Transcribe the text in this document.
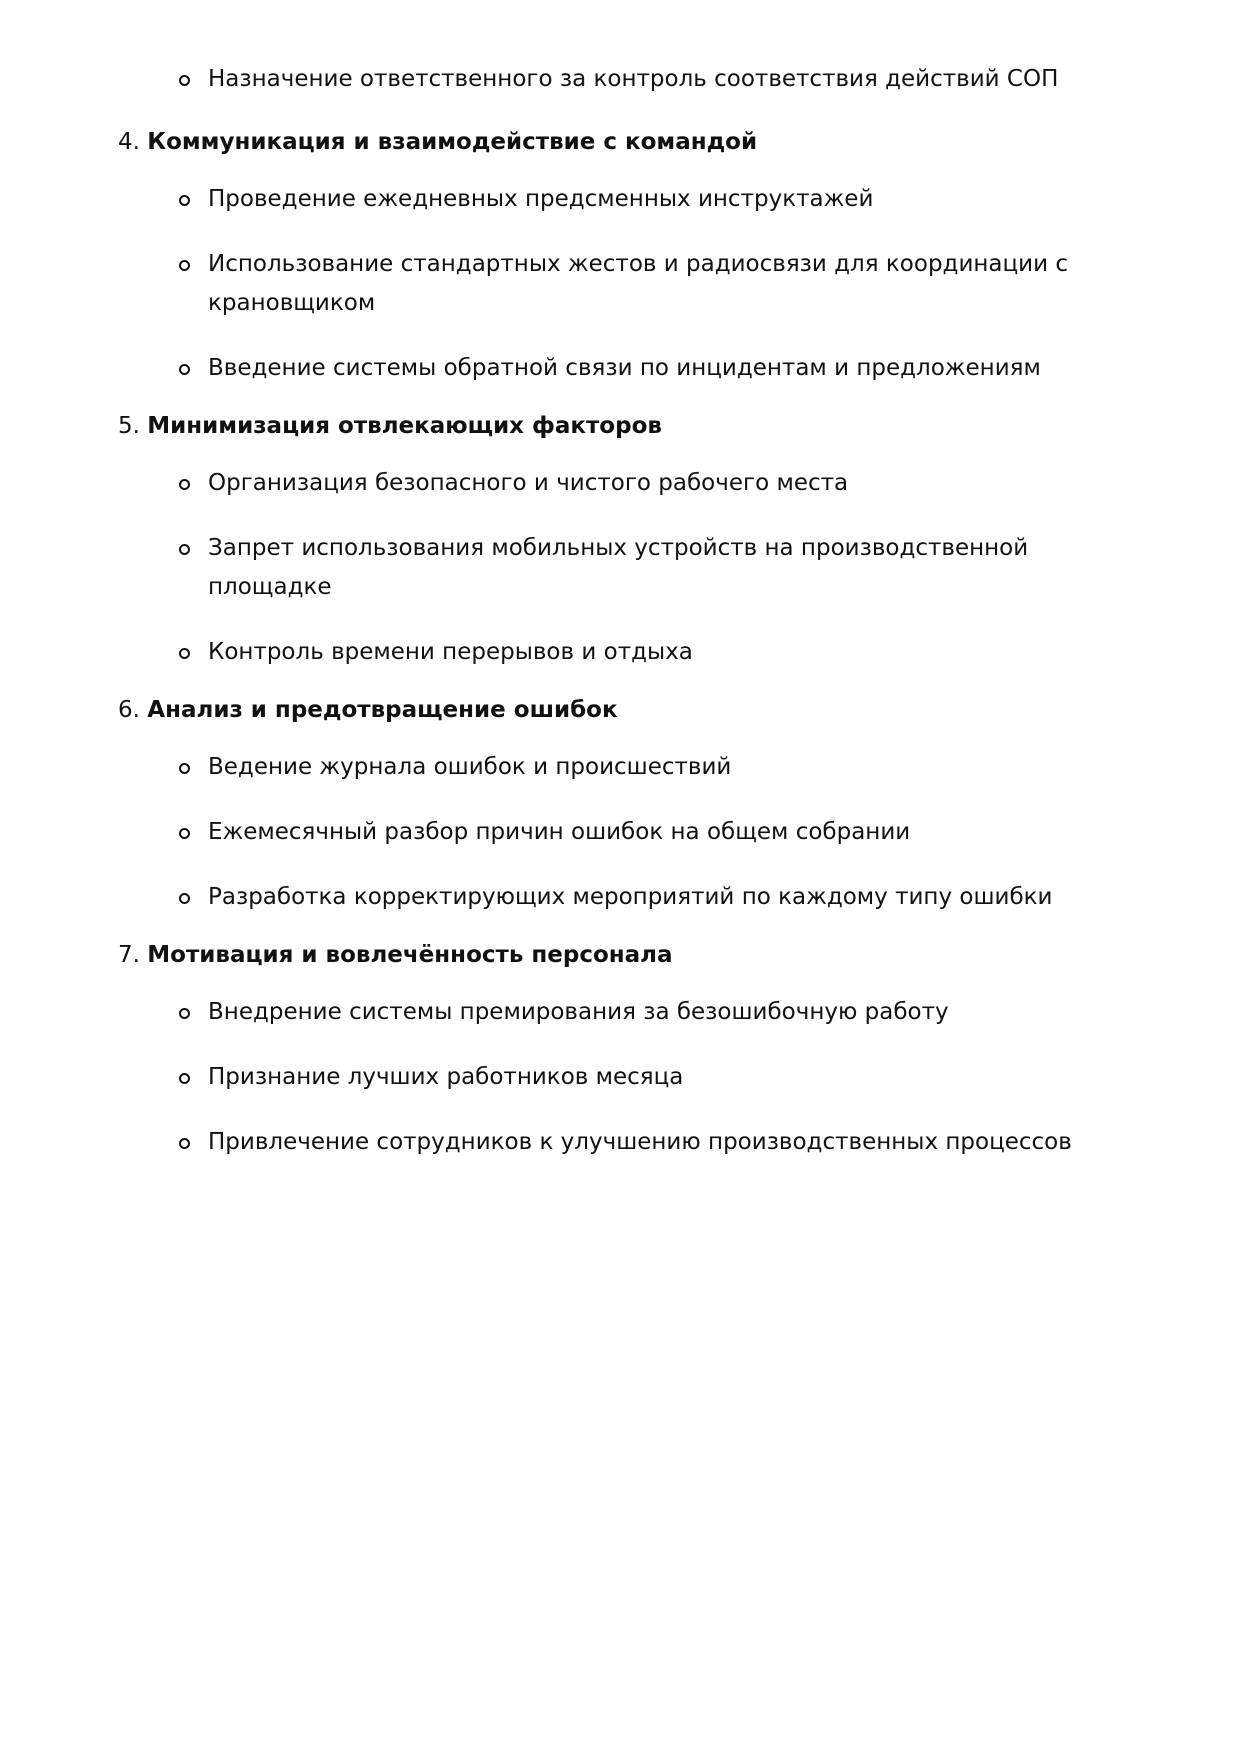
Назначение ответственного за контроль соответствия действий СОП
4. Коммуникация и взаимодействие с командой
Проведение ежедневных предсменных инструктажей
Использование стандартных жестов и радиосвязи для координации с крановщиком
Введение системы обратной связи по инцидентам и предложениям
5. Минимизация отвлекающих факторов
Организация безопасного и чистого рабочего места
Запрет использования мобильных устройств на производственной площадке
Контроль времени перерывов и отдыха
6. Анализ и предотвращение ошибок
Ведение журнала ошибок и происшествий
Ежемесячный разбор причин ошибок на общем собрании
Разработка корректирующих мероприятий по каждому типу ошибки
7. Мотивация и вовлечённость персонала
Внедрение системы премирования за безошибочную работу
Признание лучших работников месяца
Привлечение сотрудников к улучшению производственных процессов
